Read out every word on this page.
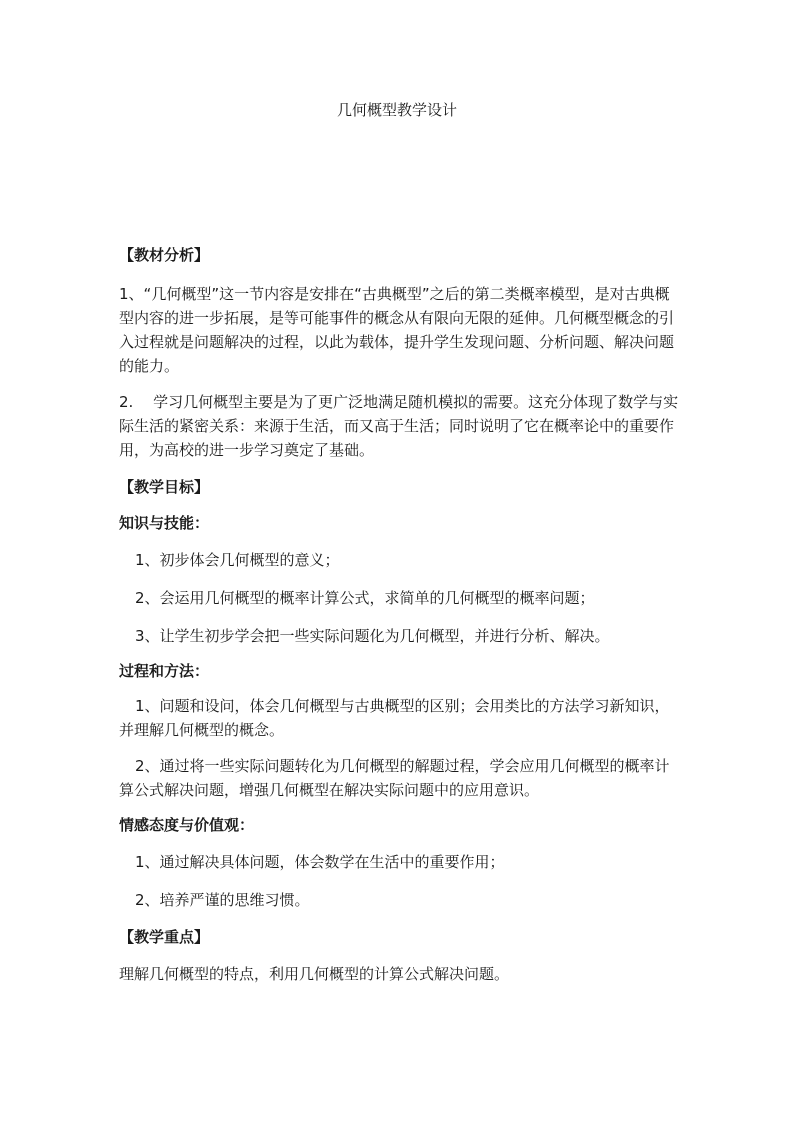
几何概型教学设计

【教材分析】

1、“几何概型”这一节内容是安排在“古典概型”之后的第二类概率模型，是对古典概型内容的进一步拓展，是等可能事件的概念从有限向无限的延伸。几何概型概念的引入过程就是问题解决的过程，以此为载体，提升学生发现问题、分析问题、解决问题的能力。

2.　 学习几何概型主要是为了更广泛地满足随机模拟的需要。这充分体现了数学与实际生活的紧密关系：来源于生活，而又高于生活；同时说明了它在概率论中的重要作用，为高校的进一步学习奠定了基础。

【教学目标】

知识与技能：

1、初步体会几何概型的意义；

2、会运用几何概型的概率计算公式，求简单的几何概型的概率问题；

3、让学生初步学会把一些实际问题化为几何概型，并进行分析、解决。

过程和方法：

1、问题和设问，体会几何概型与古典概型的区别；会用类比的方法学习新知识，并理解几何概型的概念。

2、通过将一些实际问题转化为几何概型的解题过程，学会应用几何概型的概率计算公式解决问题，增强几何概型在解决实际问题中的应用意识。

情感态度与价值观：

1、通过解决具体问题，体会数学在生活中的重要作用；

2、培养严谨的思维习惯。

【教学重点】

理解几何概型的特点，利用几何概型的计算公式解决问题。
